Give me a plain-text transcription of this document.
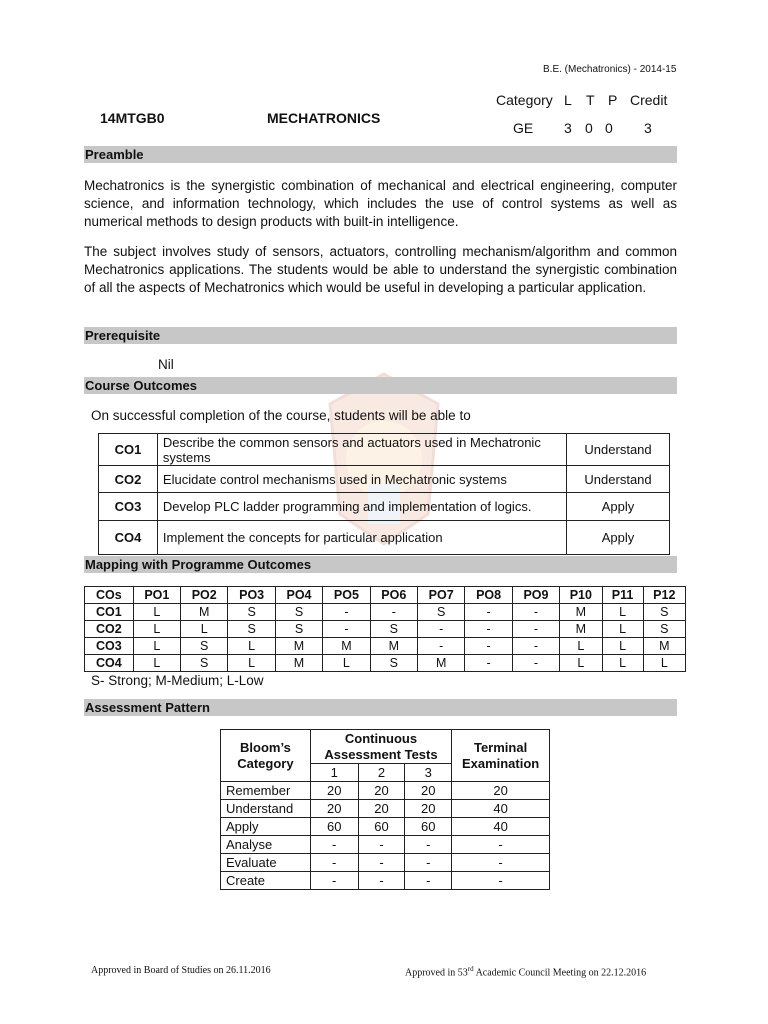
B.E. (Mechatronics) - 2014-15
Category L T P Credit
GE 3 0 0 3
14MTGB0	MECHATRONICS
Preamble
Mechatronics is the synergistic combination of mechanical and electrical engineering, computer science, and information technology, which includes the use of control systems as well as numerical methods to design products with built-in intelligence.
The subject involves study of sensors, actuators, controlling mechanism/algorithm and common Mechatronics applications. The students would be able to understand the synergistic combination of all the aspects of Mechatronics which would be useful in developing a particular application.
Prerequisite
Nil
Course Outcomes
On successful completion of the course, students will be able to
CO1	Describe the common sensors and actuators used in Mechatronic systems	Understand
CO2	Elucidate control mechanisms used in Mechatronic systems	Understand
CO3	Develop PLC ladder programming and implementation of logics.	Apply
CO4	Implement the concepts for particular application	Apply
Mapping with Programme Outcomes
COs	PO1	PO2	PO3	PO4	PO5	PO6	PO7	PO8	PO9	P10	P11	P12
CO1	L	M	S	S	-	-	S	-	-	M	L	S
CO2	L	L	S	S	-	S	-	-	-	M	L	S
CO3	L	S	L	M	M	M	-	-	-	L	L	M
CO4	L	S	L	M	L	S	M	-	-	L	L	L
S- Strong; M-Medium; L-Low
Assessment Pattern
Bloom’s Category	Continuous Assessment Tests			Terminal Examination
	1	2	3	
Remember	20	20	20	20
Understand	20	20	20	40
Apply	60	60	60	40
Analyse	-	-	-	-
Evaluate	-	-	-	-
Create	-	-	-	-
Approved in Board of Studies on 26.11.2016	Approved in 53rd Academic Council Meeting on 22.12.2016
